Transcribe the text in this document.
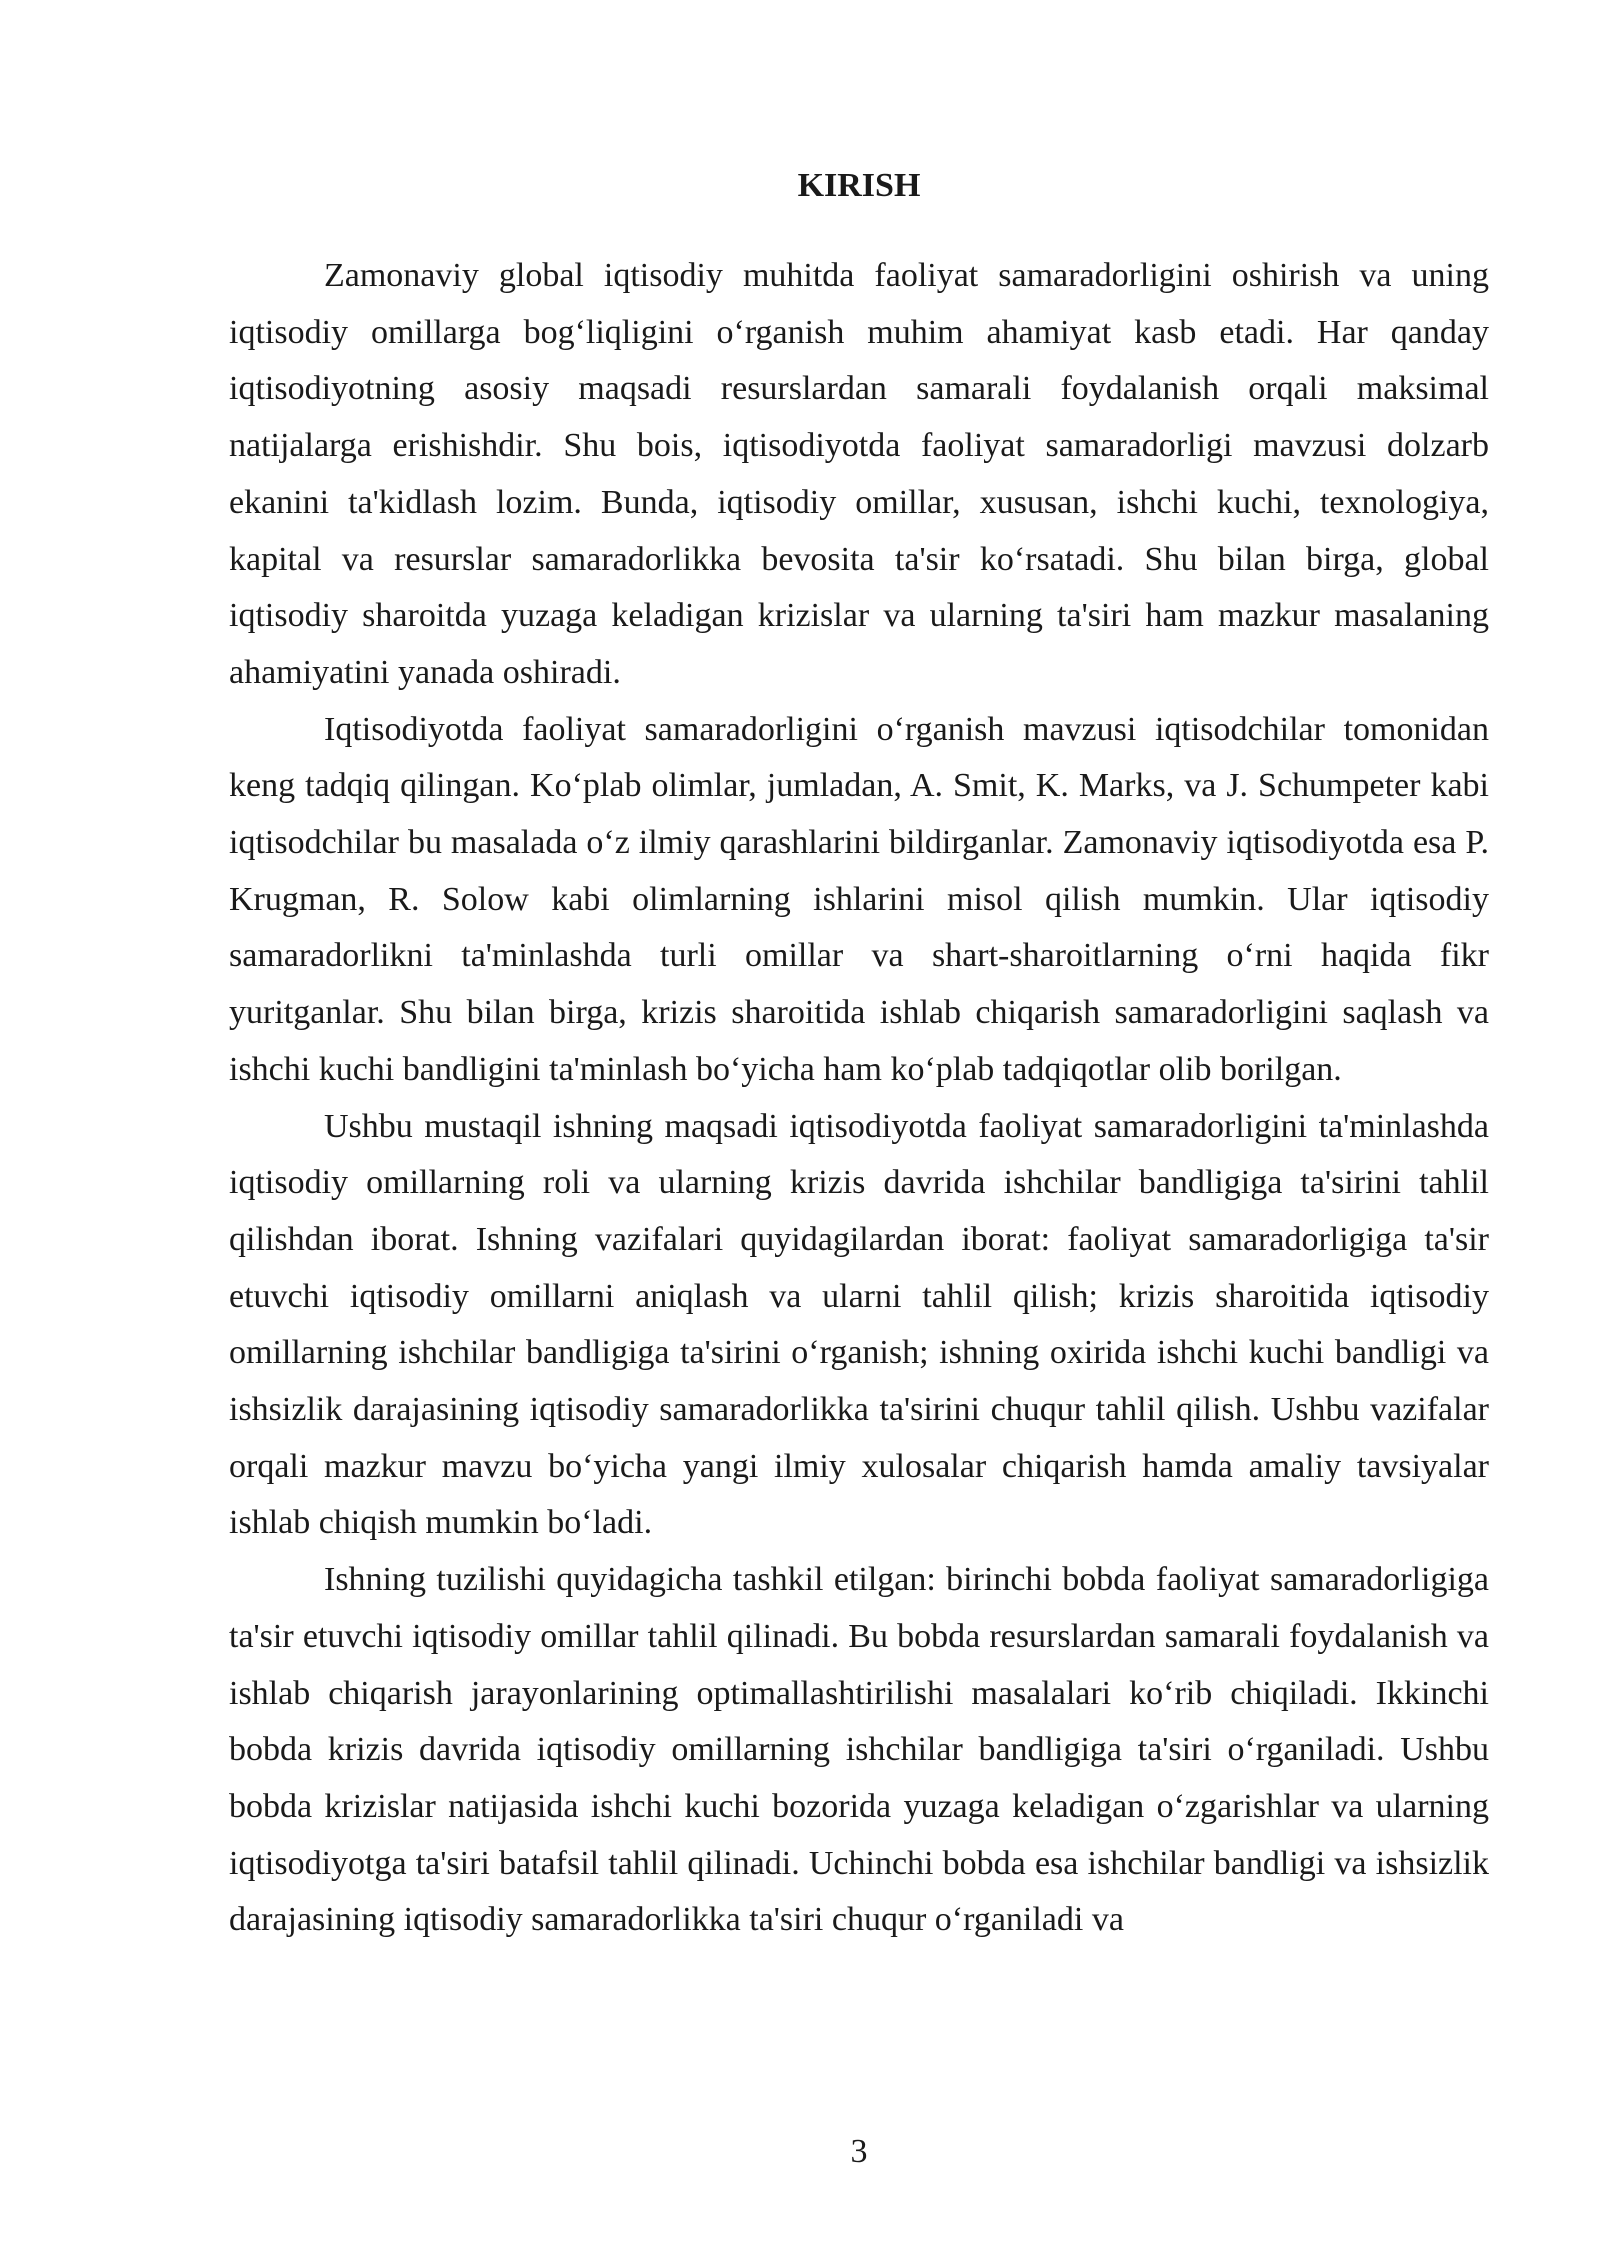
KIRISH

Zamonaviy global iqtisodiy muhitda faoliyat samaradorligini oshirish va uning iqtisodiy omillarga bog‘liqligini o‘rganish muhim ahamiyat kasb etadi. Har qanday iqtisodiyotning asosiy maqsadi resurslardan samarali foydalanish orqali maksimal natijalarga erishishdir. Shu bois, iqtisodiyotda faoliyat samaradorligi mavzusi dolzarb ekanini ta'kidlash lozim. Bunda, iqtisodiy omillar, xususan, ishchi kuchi, texnologiya, kapital va resurslar samaradorlikka bevosita ta'sir ko‘rsatadi. Shu bilan birga, global iqtisodiy sharoitda yuzaga keladigan krizislar va ularning ta'siri ham mazkur masalaning ahamiyatini yanada oshiradi.

Iqtisodiyotda faoliyat samaradorligini o‘rganish mavzusi iqtisodchilar tomonidan keng tadqiq qilingan. Ko‘plab olimlar, jumladan, A. Smit, K. Marks, va J. Schumpeter kabi iqtisodchilar bu masalada o‘z ilmiy qarashlarini bildirganlar. Zamonaviy iqtisodiyotda esa P. Krugman, R. Solow kabi olimlarning ishlarini misol qilish mumkin. Ular iqtisodiy samaradorlikni ta'minlashda turli omillar va shart-sharoitlarning o‘rni haqida fikr yuritganlar. Shu bilan birga, krizis sharoitida ishlab chiqarish samaradorligini saqlash va ishchi kuchi bandligini ta'minlash bo‘yicha ham ko‘plab tadqiqotlar olib borilgan.

Ushbu mustaqil ishning maqsadi iqtisodiyotda faoliyat samaradorligini ta'minlashda iqtisodiy omillarning roli va ularning krizis davrida ishchilar bandligiga ta'sirini tahlil qilishdan iborat. Ishning vazifalari quyidagilardan iborat: faoliyat samaradorligiga ta'sir etuvchi iqtisodiy omillarni aniqlash va ularni tahlil qilish; krizis sharoitida iqtisodiy omillarning ishchilar bandligiga ta'sirini o‘rganish; ishning oxirida ishchi kuchi bandligi va ishsizlik darajasining iqtisodiy samaradorlikka ta'sirini chuqur tahlil qilish. Ushbu vazifalar orqali mazkur mavzu bo‘yicha yangi ilmiy xulosalar chiqarish hamda amaliy tavsiyalar ishlab chiqish mumkin bo‘ladi.

Ishning tuzilishi quyidagicha tashkil etilgan: birinchi bobda faoliyat samaradorligiga ta'sir etuvchi iqtisodiy omillar tahlil qilinadi. Bu bobda resurslardan samarali foydalanish va ishlab chiqarish jarayonlarining optimallashtirilishi masalalari ko‘rib chiqiladi. Ikkinchi bobda krizis davrida iqtisodiy omillarning ishchilar bandligiga ta'siri o‘rganiladi. Ushbu bobda krizislar natijasida ishchi kuchi bozorida yuzaga keladigan o‘zgarishlar va ularning iqtisodiyotga ta'siri batafsil tahlil qilinadi. Uchinchi bobda esa ishchilar bandligi va ishsizlik darajasining iqtisodiy samaradorlikka ta'siri chuqur o‘rganiladi va

3
